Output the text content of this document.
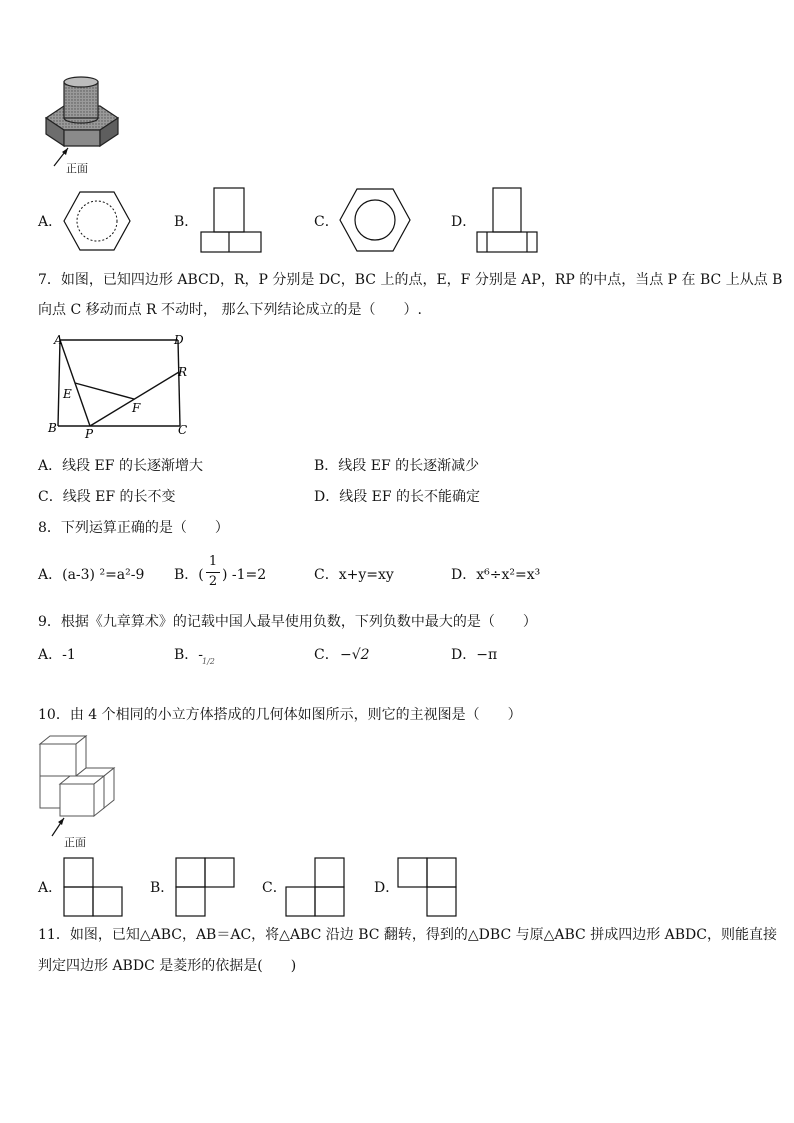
正面
A．	B．	C．	D．
7．如图，已知四边形 ABCD，R，P 分别是 DC，BC 上的点，E，F 分别是 AP，RP 的中点，当点 P 在 BC 上从点 B
向点 C 移动而点 R 不动时， 那么下列结论成立的是（　　）.
A	D
B	C
E
F
P
R
A．线段 EF 的长逐渐增大	B．线段 EF 的长逐渐减少
C．线段 EF 的长不变	D．线段 EF 的长不能确定
8．下列运算正确的是（　　）
A．(a-3) ²=a²-9 B．(
1
2 ) -1=2	C．x+y=xy	D．x⁶÷x²=x³
9．根据《九章算术》的记载中国人最早使用负数，下列负数中最大的是（　　）
A．-1	B．-
1/2	C． −√2	D．−π
10．由 4 个相同的小立方体搭成的几何体如图所示，则它的主视图是（　　）
正面
A．	B．	C．	D．
11．如图，已知△ABC，AB＝AC，将△ABC 沿边 BC 翻转，得到的△DBC 与原△ABC 拼成四边形 ABDC，则能直接
判定四边形 ABDC 是菱形的依据是(　　)
